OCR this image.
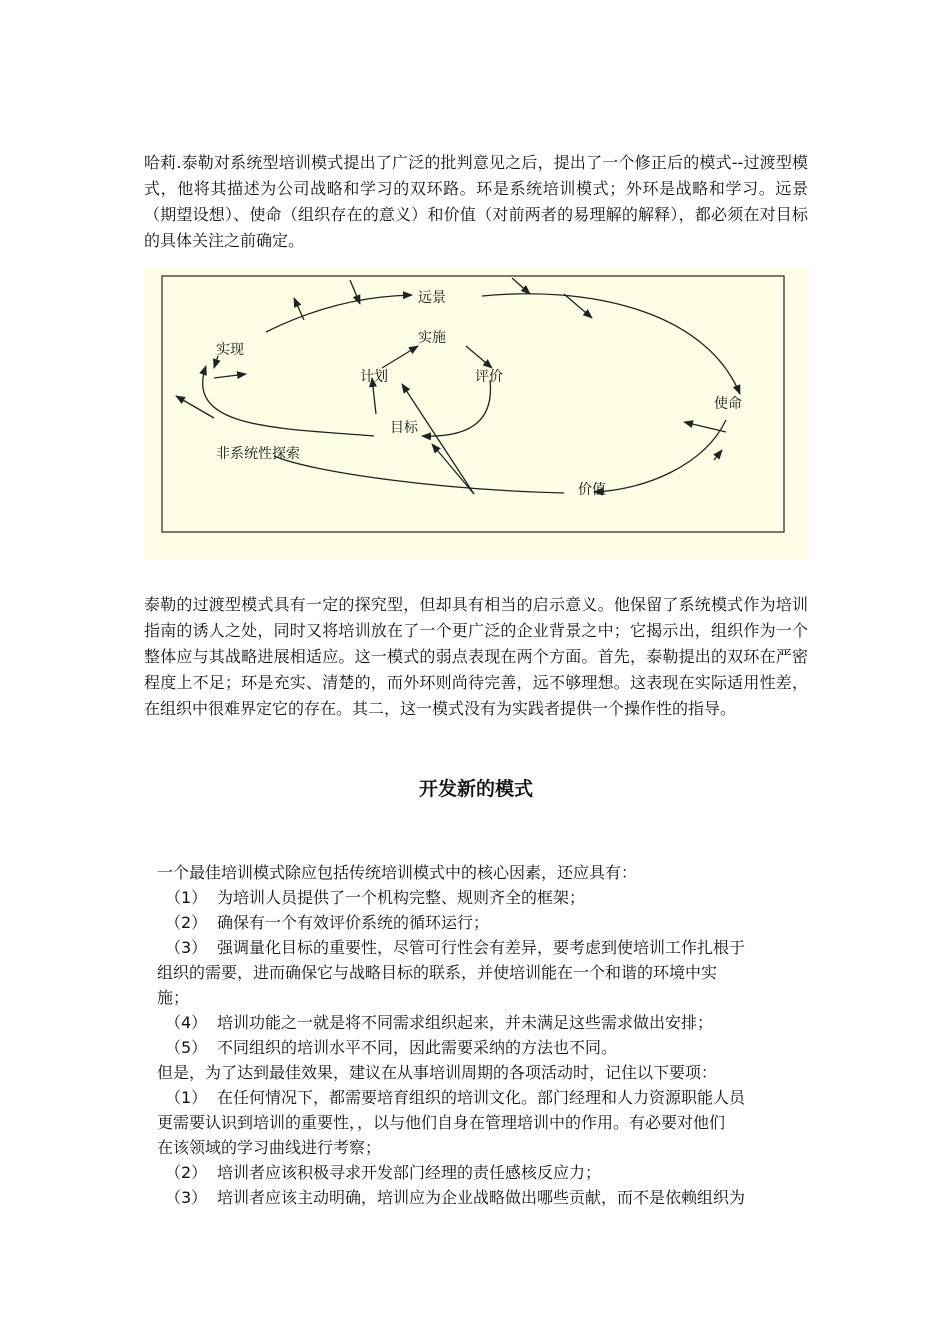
哈莉.泰勒对系统型培训模式提出了广泛的批判意见之后，提出了一个修正后的模式--过渡型模式，他将其描述为公司战略和学习的双环路。环是系统培训模式；外环是战略和学习。远景（期望设想）、使命（组织存在的意义）和价值（对前两者的易理解的解释），都必须在对目标的具体关注之前确定。

远景
实施
实现
计划	评价
使命
目标
非系统性探索
价值

泰勒的过渡型模式具有一定的探究型，但却具有相当的启示意义。他保留了系统模式作为培训指南的诱人之处，同时又将培训放在了一个更广泛的企业背景之中；它揭示出，组织作为一个整体应与其战略进展相适应。这一模式的弱点表现在两个方面。首先，泰勒提出的双环在严密程度上不足；环是充实、清楚的，而外环则尚待完善，远不够理想。这表现在实际适用性差，在组织中很难界定它的存在。其二，这一模式没有为实践者提供一个操作性的指导。

开发新的模式

一个最佳培训模式除应包括传统培训模式中的核心因素，还应具有：

（1） 为培训人员提供了一个机构完整、规则齐全的框架；

（2） 确保有一个有效评价系统的循环运行；

（3） 强调量化目标的重要性，尽管可行性会有差异，要考虑到使培训工作扎根于

组织的需要，进而确保它与战略目标的联系，并使培训能在一个和谐的环境中实

施；

（4） 培训功能之一就是将不同需求组织起来，并未满足这些需求做出安排；

（5） 不同组织的培训水平不同，因此需要采纳的方法也不同。

但是，为了达到最佳效果，建议在从事培训周期的各项活动时，记住以下要项：

（1） 在任何情况下，都需要培育组织的培训文化。部门经理和人力资源职能人员

更需要认识到培训的重要性，，以与他们自身在管理培训中的作用。有必要对他们

在该领域的学习曲线进行考察；

（2） 培训者应该积极寻求开发部门经理的责任感核反应力；

（3） 培训者应该主动明确，培训应为企业战略做出哪些贡献，而不是依赖组织为
